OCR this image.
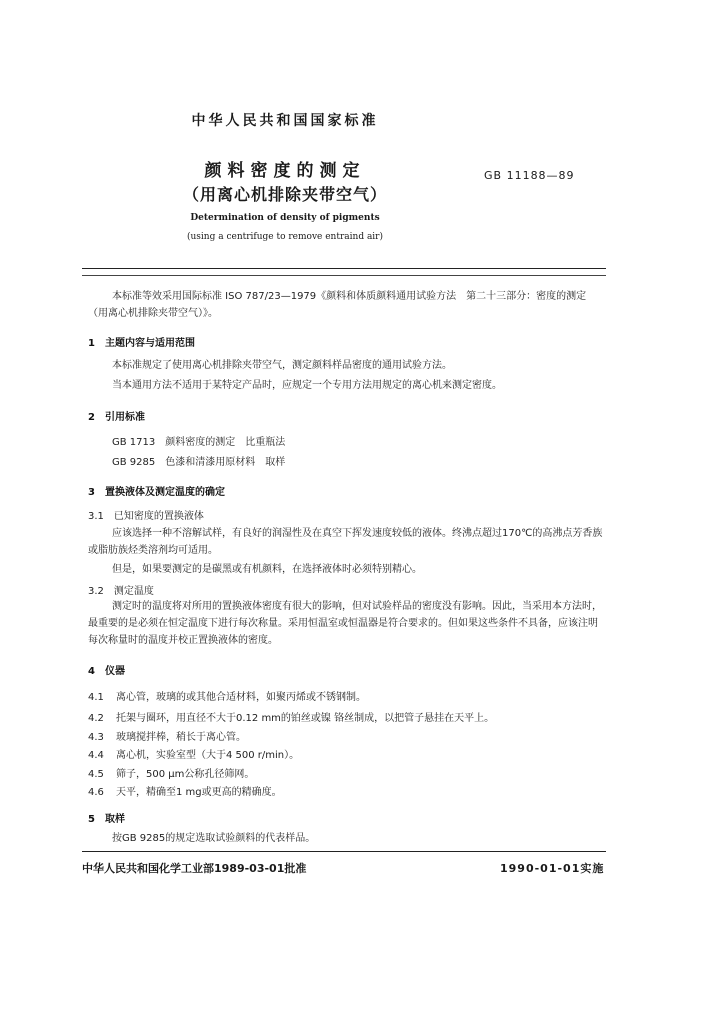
中华人民共和国国家标准
颜料密度的测定	GB 11188—89
（用离心机排除夹带空气）
Determination of density of pigments
(using a centrifuge to remove entraind air)
本标准等效采用国际标准 ISO 787/23—1979《颜料和体质颜料通用试验方法　第二十三部分：密度的测定（用离心机排除夹带空气）》。
1　主题内容与适用范围
本标准规定了使用离心机排除夹带空气，测定颜料样品密度的通用试验方法。
当本通用方法不适用于某特定产品时，应规定一个专用方法用规定的离心机来测定密度。
2　引用标准
GB 1713　颜料密度的测定　比重瓶法
GB 9285　色漆和清漆用原材料　取样
3　置换液体及测定温度的确定
3.1　已知密度的置换液体
应该选择一种不溶解试样，有良好的润湿性及在真空下挥发速度较低的液体。终沸点超过170℃的高沸点芳香族或脂肪族烃类溶剂均可适用。
但是，如果要测定的是碳黑或有机颜料，在选择液体时必须特别精心。
3.2　测定温度
测定时的温度将对所用的置换液体密度有很大的影响，但对试验样品的密度没有影响。因此，当采用本方法时，最重要的是必须在恒定温度下进行每次称量。采用恒温室或恒温器是符合要求的。但如果这些条件不具备，应该注明每次称量时的温度并校正置换液体的密度。
4　仪器
4.1 离心管，玻璃的或其他合适材料，如聚丙烯或不锈钢制。
4.2 托架与圈环，用直径不大于0.12 mm的铂丝或镍 铬丝制成，以把管子悬挂在天平上。
4.3 玻璃搅拌棒，稍长于离心管。
4.4 离心机，实验室型（大于4 500 r/min）。
4.5 筛子，500 μm公称孔径筛网。
4.6 天平，精确至1 mg或更高的精确度。
5　取样
按GB 9285的规定选取试验颜料的代表样品。
中华人民共和国化学工业部1989-03-01批准	1990-01-01实施
